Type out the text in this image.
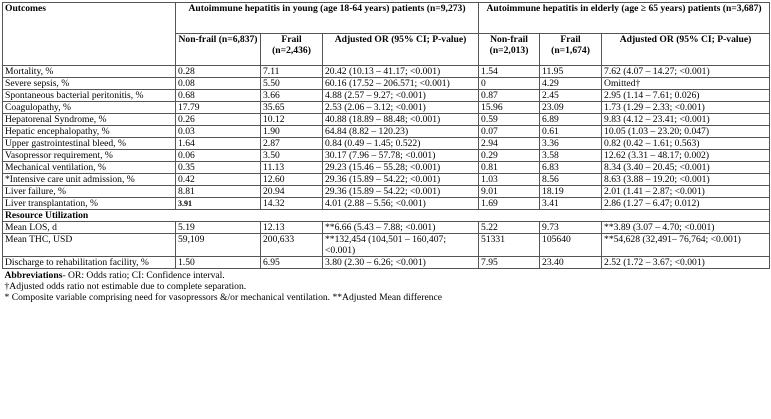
Outcomes	Autoimmune hepatitis in young (age 18-64 years) patients (n=9,273)			Autoimmune hepatitis in elderly (age ≥ 65 years) patients (n=3,687)		
	Non-frail (n=6,837)	Frail (n=2,436)	Adjusted OR (95% CI; P-value)	Non-frail (n=2,013)	Frail (n=1,674)	Adjusted OR (95% CI; P-value)
Mortality, %	0.28	7.11	20.42 (10.13 – 41.17; <0.001)	1.54	11.95	7.62 (4.07 – 14.27; <0.001)
Severe sepsis, %	0.08	5.50	60.16 (17.52 – 206.571; <0.001)	0	4.29	Omitted†
Spontaneous bacterial peritonitis, %	0.68	3.66	4.88 (2.57 – 9.27; <0.001)	0.87	2.45	2.95 (1.14 – 7.61; 0.026)
Coagulopathy, %	17.79	35.65	2.53 (2.06 – 3.12; <0.001)	15.96	23.09	1.73 (1.29 – 2.33; <0.001)
Hepatorenal Syndrome, %	0.26	10.12	40.88 (18.89 – 88.48; <0.001)	0.59	6.89	9.83 (4.12 – 23.41; <0.001)
Hepatic encephalopathy, %	0.03	1.90	64.84 (8.82 – 120.23)	0.07	0.61	10.05 (1.03 – 23.20; 0.047)
Upper gastrointestinal bleed, %	1.64	2.87	0.84 (0.49 – 1.45; 0.522)	2.94	3.36	0.82 (0.42 – 1.61; 0.563)
Vasopressor requirement, %	0.06	3.50	30.17 (7.96 – 57.78; <0.001)	0.29	3.58	12.62 (3.31 – 48.17; 0.002)
Mechanical ventilation, %	0.35	11.13	29.23 (15.46 – 55.28; <0.001)	0.81	6.83	8.34 (3.40 – 20.45; <0.001)
*Intensive care unit admission, %	0.42	12.60	29.36 (15.89 – 54.22; <0.001)	1.03	8.56	8.63 (3.88 – 19.20; <0.001)
Liver failure, %	8.81	20.94	29.36 (15.89 – 54.22; <0.001)	9.01	18.19	2.01 (1.41 – 2.87; <0.001)
Liver transplantation, %	3.91	14.32	4.01 (2.88 – 5.56; <0.001)	1.69	3.41	2.86 (1.27 – 6.47; 0.012)
Resource Utilization						
Mean LOS, d	5.19	12.13	**6.66 (5.43 – 7.88; <0.001)	5.22	9.73	**3.89 (3.07 – 4.70; <0.001)
Mean THC, USD	59,109	200,633	**132,454 (104,501 – 160,407; <0.001)	51331	105640	**54,628 (32,491– 76,764; <0.001)
Discharge to rehabilitation facility, %	1.50	6.95	3.80 (2.30 – 6.26; <0.001)	7.95	23.40	2.52 (1.72 – 3.67; <0.001)

Abbreviations- OR: Odds ratio; CI: Confidence interval.
†Adjusted odds ratio not estimable due to complete separation.
* Composite variable comprising need for vasopressors &/or mechanical ventilation. **Adjusted Mean difference						
